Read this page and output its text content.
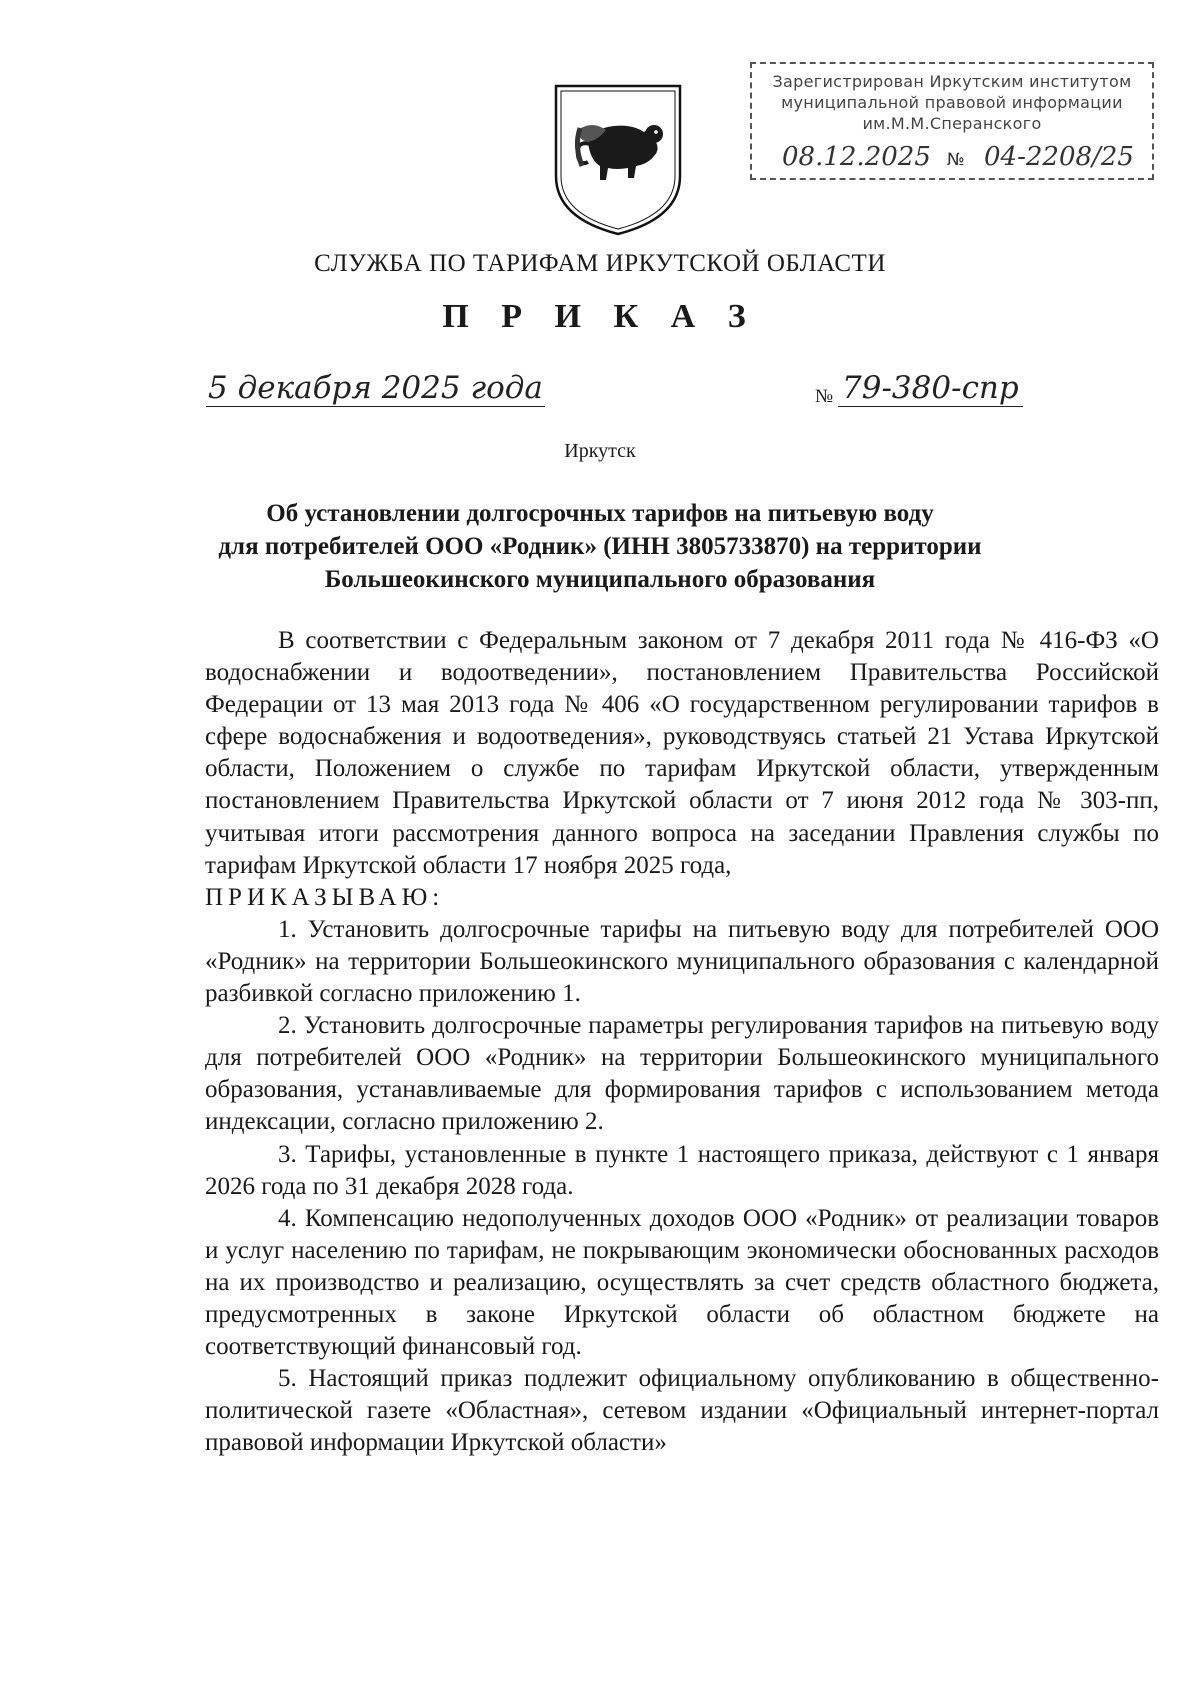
Зарегистрирован Иркутским институтом
муниципальной правовой информации
им.М.М.Сперанского
08.12.2025 № 04-2208/25
СЛУЖБА ПО ТАРИФАМ ИРКУТСКОЙ ОБЛАСТИ
П Р И К А З
5 декабря 2025 года	№ 79-380-спр
Иркутск
Об установлении долгосрочных тарифов на питьевую воду
для потребителей ООО «Родник» (ИНН 3805733870) на территории
Большеокинского муниципального образования

В соответствии с Федеральным законом от 7 декабря 2011 года № 416-ФЗ «О водоснабжении и водоотведении», постановлением Правительства Российской Федерации от 13 мая 2013 года № 406 «О государственном регулировании тарифов в сфере водоснабжения и водоотведения», руководствуясь статьей 21 Устава Иркутской области, Положением о службе по тарифам Иркутской области, утвержденным постановлением Правительства Иркутской области от 7 июня 2012 года № 303-пп, учитывая итоги рассмотрения данного вопроса на заседании Правления службы по тарифам Иркутской области 17 ноября 2025 года,

ПРИКАЗЫВАЮ:

1. Установить долгосрочные тарифы на питьевую воду для потребителей ООО «Родник» на территории Большеокинского муниципального образования с календарной разбивкой согласно приложению 1.

2. Установить долгосрочные параметры регулирования тарифов на питьевую воду для потребителей ООО «Родник» на территории Большеокинского муниципального образования, устанавливаемые для формирования тарифов с использованием метода индексации, согласно приложению 2.

3. Тарифы, установленные в пункте 1 настоящего приказа, действуют с 1 января 2026 года по 31 декабря 2028 года.

4. Компенсацию недополученных доходов ООО «Родник» от реализации товаров и услуг населению по тарифам, не покрывающим экономически обоснованных расходов на их производство и реализацию, осуществлять за счет средств областного бюджета, предусмотренных в законе Иркутской области об областном бюджете на соответствующий финансовый год.

5. Настоящий приказ подлежит официальному опубликованию в общественно-политической газете «Областная», сетевом издании «Официальный интернет-портал правовой информации Иркутской области»
